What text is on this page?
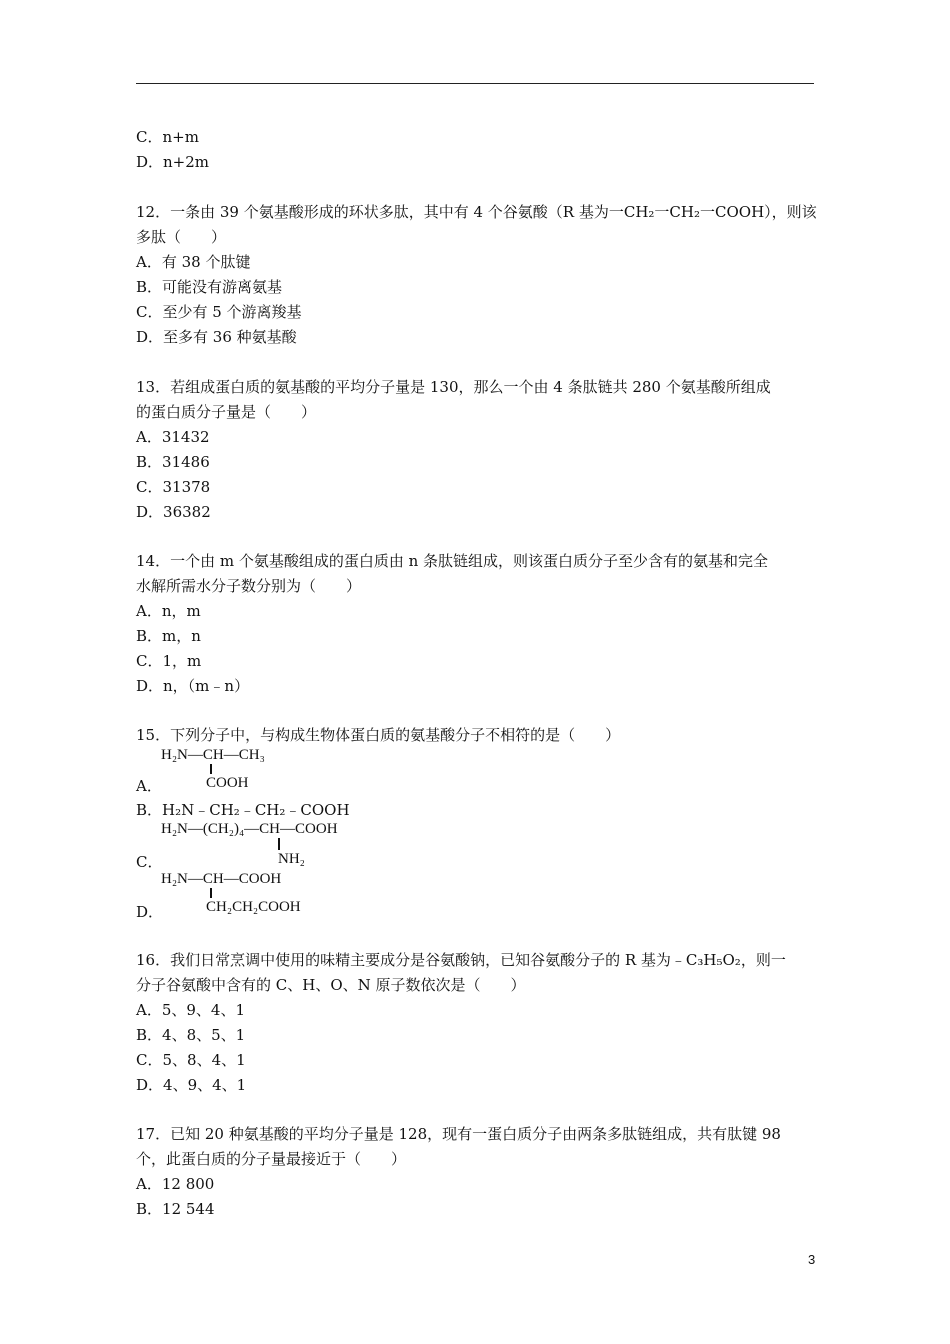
C．n+m
D．n+2m
12．一条由 39 个氨基酸形成的环状多肽，其中有 4 个谷氨酸（R 基为一CH₂一CH₂一COOH），则该
多肽（　　）
A．有 38 个肽键
B．可能没有游离氨基
C．至少有 5 个游离羧基
D．至多有 36 种氨基酸
13．若组成蛋白质的氨基酸的平均分子量是 130，那么一个由 4 条肽链共 280 个氨基酸所组成
的蛋白质分子量是（　　）
A．31432
B．31486
C．31378
D．36382
14．一个由 m 个氨基酸组成的蛋白质由 n 条肽链组成，则该蛋白质分子至少含有的氨基和完全
水解所需水分子数分别为（　　）
A．n，m
B．m，n
C．1，m
D．n，（m﹣n）
15．下列分子中，与构成生物体蛋白质的氨基酸分子不相符的是（　　）
H₂N—CH—CH₃
A．	COOH
B．H₂N﹣CH₂﹣CH₂﹣COOH
H₂N—(CH₂)₄—CH—COOH
C．	NH₂
H₂N—CH—COOH
D．	CH₂CH₂COOH
16．我们日常烹调中使用的味精主要成分是谷氨酸钠，已知谷氨酸分子的 R 基为﹣C₃H₅O₂，则一
分子谷氨酸中含有的 C、H、O、N 原子数依次是（　　）
A．5、9、4、1
B．4、8、5、1
C．5、8、4、1
D．4、9、4、1
17．已知 20 种氨基酸的平均分子量是 128，现有一蛋白质分子由两条多肽链组成，共有肽键 98
个，此蛋白质的分子量最接近于（　　）
A．12 800
B．12 544
3
